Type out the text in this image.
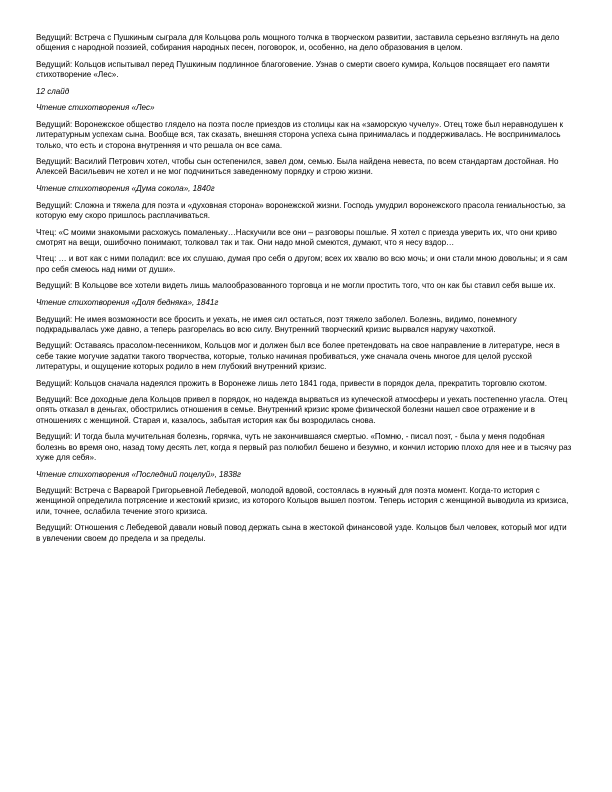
Ведущий: Встреча с Пушкиным сыграла для Кольцова роль мощного толчка в творческом развитии, заставила серьезно взглянуть на дело общения с народной поэзией, собирания народных песен, поговорок, и, особенно, на дело образования в целом.

Ведущий: Кольцов испытывал перед Пушкиным подлинное благоговение. Узнав о смерти своего кумира, Кольцов посвящает его памяти стихотворение «Лес».

12 слайд

Чтение стихотворения «Лес»

Ведущий: Воронежское общество глядело на поэта после приездов из столицы как на «заморскую чучелу». Отец тоже был неравнодушен к литературным успехам сына. Вообще вся, так сказать, внешняя сторона успеха сына принималась и поддерживалась. Не воспринималось только, что есть и сторона внутренняя и что решала он все сама.

Ведущий: Василий Петрович хотел, чтобы сын остепенился, завел дом, семью. Была найдена невеста, по всем стандартам достойная. Но Алексей Васильевич не хотел и не мог подчиниться заведенному порядку и строю жизни.

Чтение стихотворения «Дума сокола», 1840г

Ведущий: Сложна и тяжела для поэта и «духовная сторона» воронежской жизни. Господь умудрил воронежского прасола гениальностью, за которую ему скоро пришлось расплачиваться.

Чтец: «С моими знакомыми расхожусь помаленьку…Наскучили все они – разговоры пошлые. Я хотел с приезда уверить их, что они криво смотрят на вещи, ошибочно понимают, толковал так и так. Они надо мной смеются, думают, что я несу вздор…

Чтец: … и вот как с ними поладил: все их слушаю, думая про себя о другом; всех их хвалю во всю мочь; и они стали мною довольны; и я сам про себя смеюсь над ними от души».

Ведущий: В Кольцове все хотели видеть лишь малообразованного торговца и не могли простить того, что он как бы ставил себя выше их.

Чтение стихотворения «Доля бедняка», 1841г

Ведущий: Не имея возможности все бросить и уехать, не имея сил остаться, поэт тяжело заболел. Болезнь, видимо, понемногу подкрадывалась уже давно, а теперь разгорелась во всю силу. Внутренний творческий кризис вырвался наружу чахоткой.

Ведущий: Оставаясь прасолом-песенником, Кольцов мог и должен был все более претендовать на свое направление в литературе, неся в себе такие могучие задатки такого творчества, которые, только начиная пробиваться, уже сначала очень многое для целой русской литературы, и ощущение которых родило в нем глубокий внутренний кризис.

Ведущий: Кольцов сначала надеялся прожить в Воронеже лишь лето 1841 года, привести в порядок дела, прекратить торговлю скотом.

Ведущий: Все доходные дела Кольцов привел в порядок, но надежда вырваться из купеческой атмосферы и уехать постепенно угасла. Отец опять отказал в деньгах, обострились отношения в семье. Внутренний кризис кроме физической болезни нашел свое отражение и в отношениях с женщиной. Старая и, казалось, забытая история как бы возродилась снова.

Ведущий: И тогда была мучительная болезнь, горячка, чуть не закончившаяся смертью. «Помню, - писал поэт, - была у меня подобная болезнь во время оно, назад тому десять лет, когда я первый раз полюбил бешено и безумно, и кончил историю плохо для нее и в тысячу раз хуже для себя».

Чтение стихотворения «Последний поцелуй», 1838г

Ведущий: Встреча с Варварой Григорьевной Лебедевой, молодой вдовой, состоялась в нужный для поэта момент. Когда-то история с женщиной определила потрясение и жестокий кризис, из которого Кольцов вышел поэтом. Теперь история с женщиной выводила из кризиса, или, точнее, ослабила течение этого кризиса.

Ведущий: Отношения с Лебедевой давали новый повод держать сына в жестокой финансовой узде. Кольцов был человек, который мог идти в увлечении своем до предела и за пределы.
